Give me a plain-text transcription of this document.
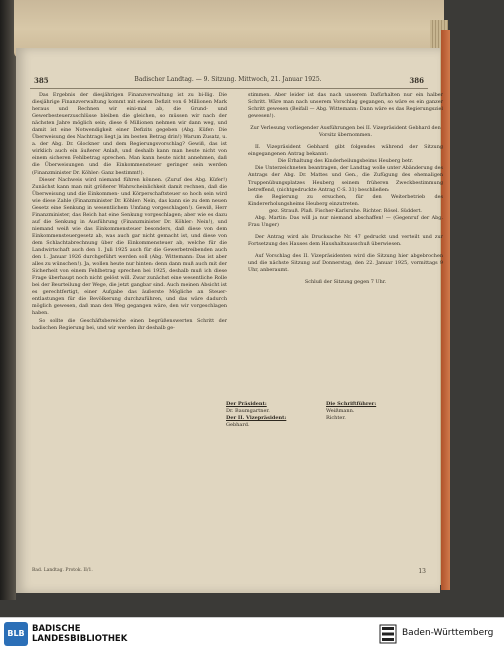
385	Badischer Landtag. — 9. Sitzung. Mittwoch, 21. Januar 1925.	386

Das Ergebnis der diesjährigen Finanzverwaltung ist zu bi-llig. Die diesjährige Finanzverwaltung kommt mit einem Defizit von 6 Millionen Mark heraus und Rechnen wir eini-mal ab, die Grund- und Gewerbesteuerzuschlüsse bleiben die gleichen, so müssen wir nach der nächsten Jahre möglich sein; diese 6 Millionen nehmen wir dann weg, und damit ist eine Notwendigkeit einer Defizits gegeben (Abg. Küfer: Die Überweisung des Nachtrags liegt ja im besten Betrag drin!) Warum Zusatz, u. a. der Abg. Dr. Glockner und dem Regierungsvorschlag? Gewiß, das ist wirklich auch ein äußerer Anlaß, und deshalb kann man heute nicht von einem sicheren Fehlbetrag sprechen. Man kann heute nicht annehmen, daß die Überweisungen und die Einkommensteuer geringer sein werden (Finanzminister Dr. Köhler: Ganz bestimmt!).

Dieser Nachweis wird niemand führen können. (Zuruf des Abg. Küfer!) Zunächst kann man mit größerer Wahrscheinlichkeit damit rechnen, daß die Überweisung und die Einkommen- und Körperschaftsteuer so hoch sein wird wie diese Zahle (Finanzminister Dr. Köhler: Nein, das kann sie zu dem neuen Gesetz eine Senkung in wesentlichem Umfang vorgeschlagen!). Gewiß, Herr Finanzminister, das Reich hat eine Senkung vorgeschlagen; aber wie es dazu auf die Senkung in Ausführung (Finanzminister Dr. Köhler: Nein!), und niemand weiß wie das Einkommensteuer besonders, daß diese von dem Einkommensteuergesetz ab, was auch gar nicht gemacht ist, und diese von dem Schlachtabrechnung über die Einkommensteuer ab, welche für die Landwirtschaft auch den 1. Juli 1925 auch für die Gewerbetreibenden auch den 1. Januar 1926 durchgeführt werden soll (Abg. Wittemann: Das ist aber alles zu wünschen!). Ja, wollen heute nur hinten: denn dann muß auch mit der Sicherheit von einem Fehlbetrag sprechen bei 1925, deshalb muß ich diese Frage überhaupt noch nicht gelöst will. Zwar zunächst eine wesentliche Rolle bei der Beurteilung der Wege, die jetzt gangbar sind. Auch meinen Absicht ist es gerechtfertigt, einer Aufgabe das äußerste Mögliche an Steuer-entlastungen für die Bevölkerung durchzuführen, und das wäre dadurch möglich gewesen, daß man den Weg gegangen wäre, den wir vorgeschlagen haben.

So sollte die Geschäftsbereiche einen begrüßenswerten Schritt der badischen Regierung bei, und wir werden ihr deshalb ge-

stimmen. Aber leider ist das nach unserem Dafürhalten nur ein halber Schritt. Wäre man nach unserem Vorschlag gegangen, so wäre es ein ganzer Schritt gewesen (Beifall — Abg. Wittemann: Dann wäre es das Regierungsziel gewesen!).

Zur Verlesung vorliegender Ausführungen bei II. Vizepräsident Gebhard den Vorsitz übernommen.

II. Vizepräsident Gebhard gibt folgendes während der Sitzung eingegangenen Antrag bekannt:

Die Erhaltung des Kinderheilungsbeims Heuberg betr.

Die Unterzeichneten beantragen, der Landtag wolle unter Abänderung des Antrags der Abg. Dr. Mattes und Gen., die Zufügung des ehemaligen Truppenübungsplatzes Heuberg seinem früheren Zweckbestimmung betreffend, (nichtgedruckte Antrag C-S. 31) beschließen:

die Regierung zu ersuchen, für den Weiterbetrieb des Kindererholungsheims Heuberg einzutreten.

gez. Strauß. Plaß. Fischer-Karlsruhe. Richter. Rösel. Süddert.

Abg. Martin: Das will ja nur niemand abschaffen! — (Gegenruf der Abg. Frau Unger)

Der Antrag wird als Drucksache Nr. 47 gedruckt und verteilt und zur Fortsetzung des Hauses dem Haushaltsausschuß überwiesen.

Auf Vorschlag des II. Vizepräsidenten wird die Sitzung hier abgebrochen und die nächste Sitzung auf Donnerstag, den 22. Januar 1925, vormittags 9 Uhr, anberaumt.

Schluß der Sitzung gegen 7 Uhr.

Der Präsident:
Dr. Baumgartner.
Der II. Vizepräsident:
Gebhard.
Die Schriftführer:
Weißmann.
Richter.
Bad. Landtag. Protok. II/1.	13
BLB BADISCHE
LANDESBIBLIOTHEK
Baden-Württemberg
